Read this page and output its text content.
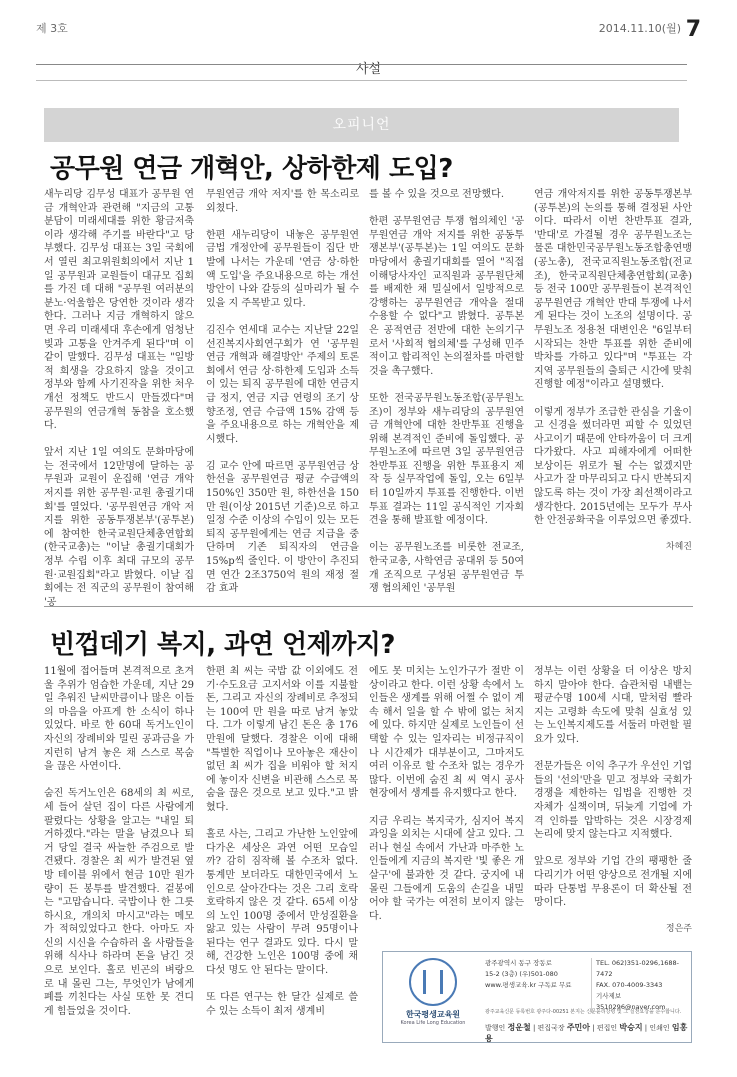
제 3호	2014.11.10(월) 7
사설
오피니언
공무원 연금 개혁안, 상하한제 도입?

새누리당 김무성 대표가 공무원 연금 개혁안과 관련해 "지금의 고통분담이 미래세대를 위한 황금저축이라 생각해 주기를 바란다"고 당부했다. 김무성 대표는 3일 국회에서 열린 최고위원회의에서 지난 1일 공무원과 교원들이 대규모 집회를 가진 데 대해 "공무원 여러분의 분노·억울함은 당연한 것이라 생각한다. 그러나 지금 개혁하지 않으면 우리 미래세대 후손에게 엄청난 빚과 고통을 안겨주게 된다"며 이같이 말했다. 김무성 대표는 "일방적 희생을 강요하지 않을 것이고 정부와 함께 사기진작을 위한 처우개선 정책도 반드시 만들겠다"며 공무원의 연금개혁 동참을 호소했다.

앞서 지난 1일 여의도 문화마당에는 전국에서 12만명에 달하는 공무원과 교원이 운집해 '연금 개악 저지를 위한 공무원·교원 총궐기대회'를 열었다. '공무원연금 개악 저지를 위한 공동투쟁본부'(공투본)에 참여한 한국교원단체총연합회(한국교총)는 "이날 총궐기대회가 정부 수립 이후 최대 규모의 공무원·교원집회"라고 밝혔다. 이날 집회에는 전 직군의 공무원이 참여해 '공

무원연금 개악 저지'를 한 목소리로 외쳤다.

한편 새누리당이 내놓은 공무원연금법 개정안에 공무원들이 집단 반발에 나서는 가운데 '연금 상·하한액 도입'을 주요내용으로 하는 개선방안이 나와 갈등의 실마리가 될 수 있을 지 주목받고 있다.

김진수 연세대 교수는 지난달 22일 선진복지사회연구회가 연 '공무원연금 개혁과 해결방안' 주제의 토론회에서 연금 상·하한제 도입과 소득이 있는 퇴직 공무원에 대한 연금지급 정지, 연금 지급 연령의 조기 상향조정, 연금 수급액 15% 감액 등을 주요내용으로 하는 개혁안을 제시했다.

김 교수 안에 따르면 공무원연금 상한선을 공무원연금 평균 수급액의 150%인 350만 원, 하한선을 150만 원(이상 2015년 기준)으로 하고 일정 수준 이상의 수입이 있는 모든 퇴직 공무원에게는 연금 지급을 중단하며 기존 퇴직자의 연금을 15%p씩 줄인다. 이 방안이 추진되면 연간 2조3750억 원의 재정 절감 효과

를 볼 수 있을 것으로 전망했다.

한편 공무원연금 투쟁 협의체인 '공무원연금 개악 저지를 위한 공동투쟁본부'(공투본)는 1일 여의도 문화마당에서 총궐기대회를 열어 "직접 이해당사자인 교직원과 공무원단체를 배제한 채 밀실에서 일방적으로 강행하는 공무원연금 개악을 절대 수용할 수 없다"고 밝혔다. 공투본은 공적연금 전반에 대한 논의기구로서 '사회적 협의체'를 구성해 민주적이고 합리적인 논의절차를 마련할 것을 촉구했다.

또한 전국공무원노동조합(공무원노조)이 정부와 새누리당의 공무원연금 개혁안에 대한 찬반투표 진행을 위해 본격적인 준비에 돌입했다. 공무원노조에 따르면 3일 공무원연금 찬반투표 진행을 위한 투표용지 제작 등 실무작업에 돌입, 오는 6일부터 10일까지 투표를 진행한다. 이번 투표 결과는 11일 공식적인 기자회견을 통해 발표할 예정이다.

이는 공무원노조를 비롯한 전교조, 한국교총, 사학연금 공대위 등 50여개 조직으로 구성된 공무원연금 투쟁 협의체인 '공무원

연금 개악저지를 위한 공동투쟁본부(공투본)의 논의를 통해 결정된 사안이다. 따라서 이번 찬반투표 결과, '반대'로 가결될 경우 공무원노조는 물론 대한민국공무원노동조합총연맹(공노총), 전국교직원노동조합(전교조), 한국교직원단체총연합회(교총) 등 전국 100만 공무원들이 본격적인 공무원연금 개혁안 반대 투쟁에 나서게 된다는 것이 노조의 설명이다. 공무원노조 정용천 대변인은 "6일부터 시작되는 찬반 투표를 위한 준비에 박차를 가하고 있다"며 "투표는 각 지역 공무원들의 출퇴근 시간에 맞춰 진행할 예정"이라고 설명했다.

이렇게 정부가 조급한 관심을 기울이고 신경을 썼더라면 피할 수 있었던 사고이기 때문에 안타까움이 더 크게 다가왔다. 사고 피해자에게 어떠한 보상이든 위로가 될 수는 없겠지만 사고가 잘 마무리되고 다시 반복되지 않도록 하는 것이 가장 최선책이라고 생각한다. 2015년에는 모두가 무사한 안전공화국을 이루었으면 좋겠다.

차혜진

빈껍데기 복지, 과연 언제까지?

11월에 접어들며 본격적으로 초겨울 추위가 엄습한 가운데, 지난 29일 추워진 날씨만큼이나 많은 이들의 마음을 아프게 한 소식이 하나 있었다. 바로 한 60대 독거노인이 자신의 장례비와 밀린 공과금을 가지런히 남겨 놓은 채 스스로 목숨을 끊은 사연이다.

숨진 독거노인은 68세의 최 씨로, 세 들어 살던 집이 다른 사람에게 팔렸다는 상황을 알고는 "내일 퇴거하겠다."라는 말을 남겼으나 퇴거 당일 결국 싸늘한 주검으로 발견됐다. 경찰은 최 씨가 발견된 옆 방 테이블 위에서 현금 10만 원가량이 든 봉투를 발견했다. 겉봉에는 "고맙습니다. 국밥이나 한 그릇 하시요, 개의치 마시고"라는 메모가 적혀있었다고 한다. 아마도 자신의 시신을 수습하러 올 사람들을 위해 식사나 하라며 돈을 남긴 것으로 보인다. 홀로 빈곤의 벼랑으로 내 몰린 그는, 무엇인가 남에게 폐를 끼친다는 사실 또한 못 견디게 힘들었을 것이다.

한편 최 씨는 국밥 값 이외에도 전기·수도요금 고지서와 이를 지불할 돈, 그리고 자신의 장례비로 추정되는 100여 만 원을 따로 남겨 놓았다. 그가 이렇게 남긴 돈은 총 176만원에 달했다. 경찰은 이에 대해 "특별한 직업이나 모아놓은 재산이 없던 최 씨가 집을 비워야 할 처지에 놓이자 신변을 비관해 스스로 목숨을 끊은 것으로 보고 있다."고 밝혔다.

홀로 사는, 그리고 가난한 노인앞에 다가온 세상은 과연 어떤 모습일까? 감히 짐작해 볼 수조차 없다. 통계만 보더라도 대한민국에서 노인으로 살아간다는 것은 그리 호락호락하지 않은 것 같다. 65세 이상의 노인 100명 중에서 만성질환을 앓고 있는 사람이 무려 95명이나 된다는 연구 결과도 있다. 다시 말해, 건강한 노인은 100명 중에 채 다섯 명도 안 된다는 말이다.

또 다른 연구는 한 달간 실제로 쓸 수 있는 소득이 최저 생계비

에도 못 미치는 노인가구가 절반 이상이라고 한다. 이런 상황 속에서 노인들은 생계를 위해 어쩔 수 없이 계속 해서 일을 할 수 밖에 없는 처지에 있다. 하지만 실제로 노인들이 선택할 수 있는 일자리는 비정규직이나 시간제가 대부분이고, 그마저도 여러 이유로 할 수조차 없는 경우가 많다. 이번에 숨진 최 씨 역시 공사현장에서 생계를 유지했다고 한다.

지금 우리는 복지국가, 심지어 복지 과잉을 외치는 시대에 살고 있다. 그러나 현실 속에서 가난과 마주한 노인들에게 지금의 복지란 '빛 좋은 개살구'에 불과한 것 같다. 궁지에 내몰린 그들에게 도움의 손길을 내밀어야 할 국가는 여전히 보이지 않는다.

정부는 이런 상황을 더 이상은 방치하지 말아야 한다. 습관처럼 내뱉는 평균수명 100세 시대, 말처럼 빨라지는 고령화 속도에 맞춰 실효성 있는 노인복지제도를 서둘러 마련할 필요가 있다.

전문가들은 이익 추구가 우선인 기업들의 '선의'만을 믿고 정부와 국회가 경쟁을 제한하는 입법을 진행한 것 자체가 실책이며, 뒤늦게 기업에 가격 인하를 압박하는 것은 시장경제 논리에 맞지 않는다고 지적했다.

앞으로 정부와 기업 간의 팽팽한 줄다리기가 어떤 양상으로 전개될 지에 따라 단통법 무용론이 더 확산될 전망이다.

정은주

한국평생교육원
Korea Life Long Education
광주광역시 동구 장동로
15-2 (3층) (우)501-080
www.평생교육.kr 구독료 무료
TEL. 062)351-0296,1688-7472
FAX. 070-4009-3343
기사제보 3510296@naver.com
광주교육신문 등록번호 광주다-00251 본지는 신문윤리강령 및 그 실천요강을 준수합니다.
발행인 정운철 | 편집국장 주민아 | 편집인 박승지 | 인쇄인 임홍용
